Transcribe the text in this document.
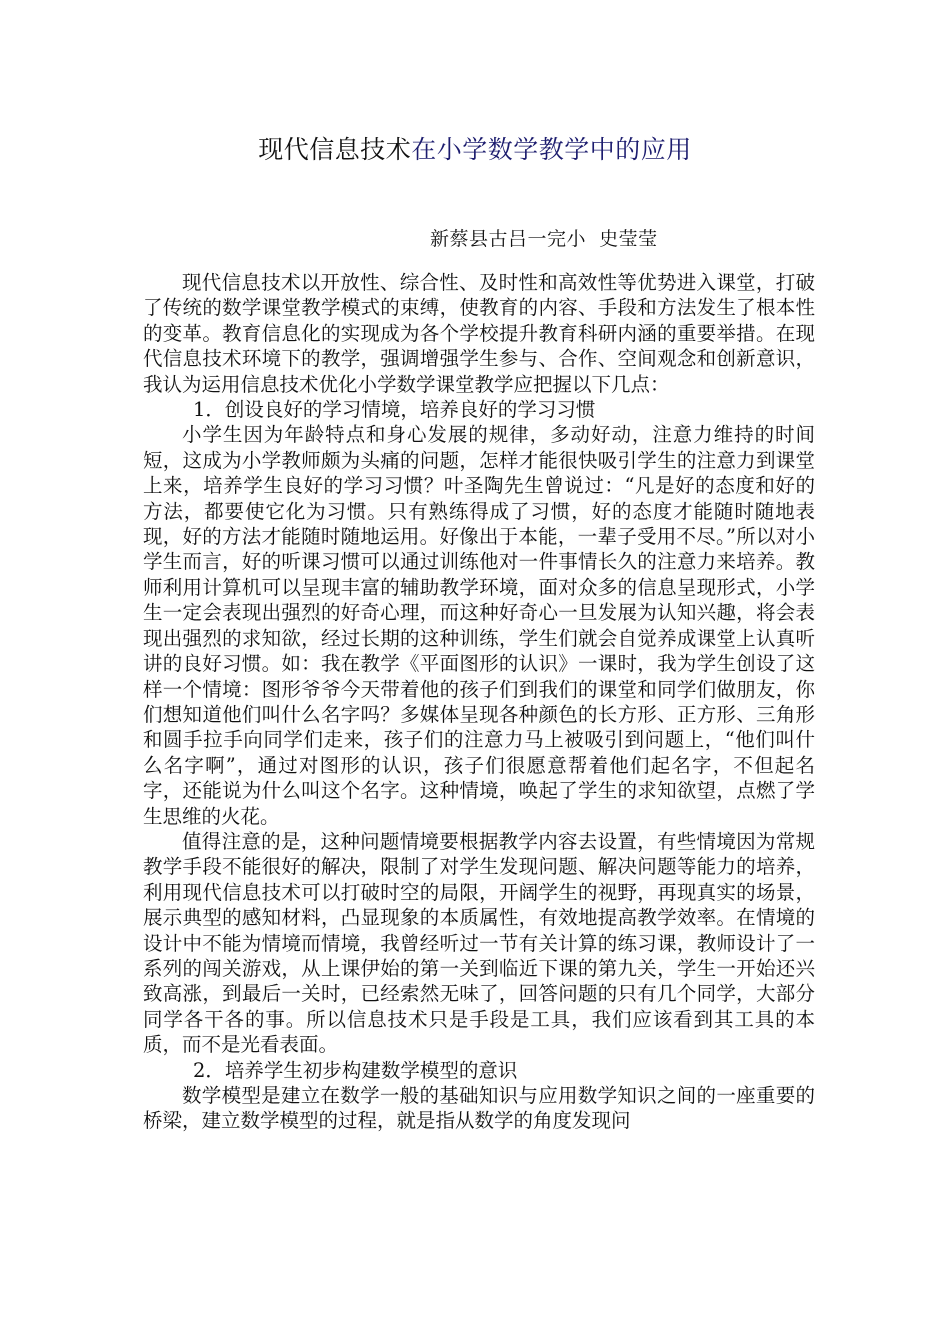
现代信息技术在小学数学教学中的应用
新蔡县古吕一完小  史莹莹

现代信息技术以开放性、综合性、及时性和高效性等优势进入课堂，打破了传统的数学课堂教学模式的束缚，使教育的内容、手段和方法发生了根本性的变革。教育信息化的实现成为各个学校提升教育科研内涵的重要举措。在现代信息技术环境下的教学，强调增强学生参与、合作、空间观念和创新意识，我认为运用信息技术优化小学数学课堂教学应把握以下几点：

1．创设良好的学习情境，培养良好的学习习惯

小学生因为年龄特点和身心发展的规律，多动好动，注意力维持的时间短，这成为小学教师颇为头痛的问题，怎样才能很快吸引学生的注意力到课堂上来，培养学生良好的学习习惯？叶圣陶先生曾说过：“凡是好的态度和好的方法，都要使它化为习惯。只有熟练得成了习惯，好的态度才能随时随地表现，好的方法才能随时随地运用。好像出于本能，一辈子受用不尽。”所以对小学生而言，好的听课习惯可以通过训练他对一件事情长久的注意力来培养。教师利用计算机可以呈现丰富的辅助教学环境，面对众多的信息呈现形式，小学生一定会表现出强烈的好奇心理，而这种好奇心一旦发展为认知兴趣，将会表现出强烈的求知欲，经过长期的这种训练，学生们就会自觉养成课堂上认真听讲的良好习惯。如：我在教学《平面图形的认识》一课时，我为学生创设了这样一个情境：图形爷爷今天带着他的孩子们到我们的课堂和同学们做朋友，你们想知道他们叫什么名字吗？多媒体呈现各种颜色的长方形、正方形、三角形和圆手拉手向同学们走来，孩子们的注意力马上被吸引到问题上，“他们叫什么名字啊”，通过对图形的认识，孩子们很愿意帮着他们起名字，不但起名字，还能说为什么叫这个名字。这种情境，唤起了学生的求知欲望，点燃了学生思维的火花。

值得注意的是，这种问题情境要根据教学内容去设置，有些情境因为常规教学手段不能很好的解决，限制了对学生发现问题、解决问题等能力的培养，利用现代信息技术可以打破时空的局限，开阔学生的视野，再现真实的场景，展示典型的感知材料，凸显现象的本质属性，有效地提高教学效率。在情境的设计中不能为情境而情境，我曾经听过一节有关计算的练习课，教师设计了一系列的闯关游戏，从上课伊始的第一关到临近下课的第九关，学生一开始还兴致高涨，到最后一关时，已经索然无味了，回答问题的只有几个同学，大部分同学各干各的事。所以信息技术只是手段是工具，我们应该看到其工具的本质，而不是光看表面。

2．培养学生初步构建数学模型的意识

数学模型是建立在数学一般的基础知识与应用数学知识之间的一座重要的桥梁，建立数学模型的过程，就是指从数学的角度发现问
